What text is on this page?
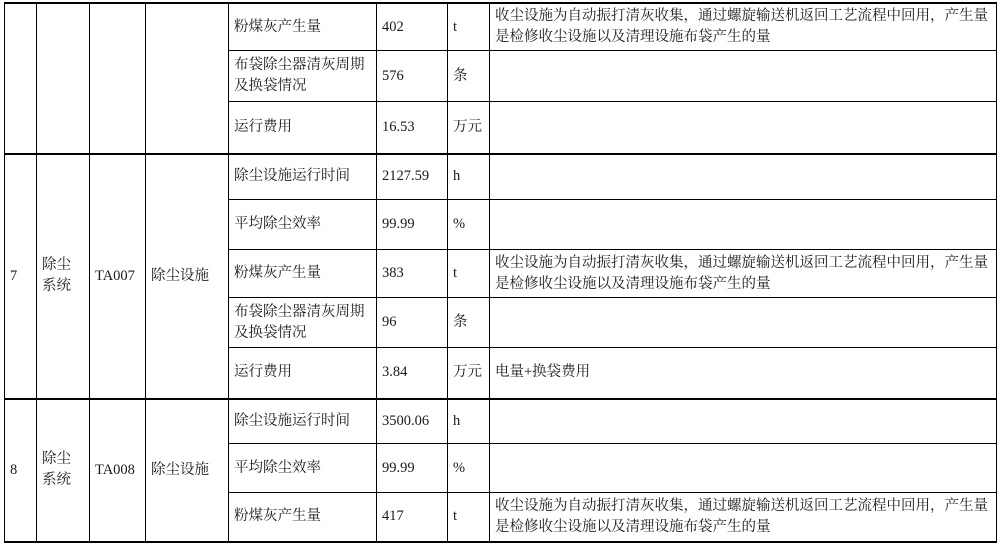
				粉煤灰产生量	402	t	收尘设施为自动振打清灰收集，通过螺旋输送机返回工艺流程中回用，产生量是检修收尘设施以及清理设施布袋产生的量
				布袋除尘器清灰周期及换袋情况	576	条	
				运行费用	16.53	万元	
7	除尘系统	TA007	除尘设施	除尘设施运行时间	2127.59	h	
				平均除尘效率	99.99	%	
				粉煤灰产生量	383	t	收尘设施为自动振打清灰收集，通过螺旋输送机返回工艺流程中回用，产生量是检修收尘设施以及清理设施布袋产生的量
				布袋除尘器清灰周期及换袋情况	96	条	
				运行费用	3.84	万元	电量+换袋费用
8	除尘系统	TA008	除尘设施	除尘设施运行时间	3500.06	h	
				平均除尘效率	99.99	%	
				粉煤灰产生量	417	t	收尘设施为自动振打清灰收集，通过螺旋输送机返回工艺流程中回用，产生量是检修收尘设施以及清理设施布袋产生的量
